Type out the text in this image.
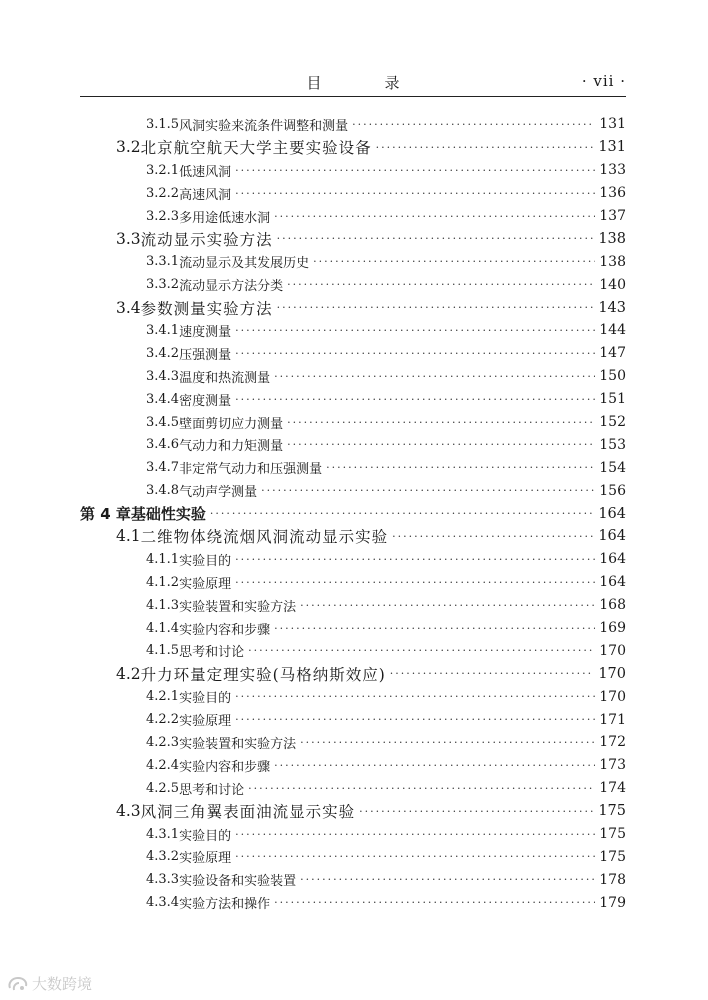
目　录	· vii ·
3.1.5 风洞实验来流条件调整和测量 ·····	131
3.2 北京航空航天大学主要实验设备 ·····	131
3.2.1 低速风洞 ·····	133
3.2.2 高速风洞 ·····	136
3.2.3 多用途低速水洞 ·····	137
3.3 流动显示实验方法 ·····	138
3.3.1 流动显示及其发展历史 ·····	138
3.3.2 流动显示方法分类 ·····	140
3.4 参数测量实验方法 ·····	143
3.4.1 速度测量 ·····	144
3.4.2 压强测量 ·····	147
3.4.3 温度和热流测量 ·····	150
3.4.4 密度测量 ·····	151
3.4.5 壁面剪切应力测量 ·····	152
3.4.6 气动力和力矩测量 ·····	153
3.4.7 非定常气动力和压强测量 ·····	154
3.4.8 气动声学测量 ·····	156
第 4 章 基础性实验 ·····	164
4.1 二维物体绕流烟风洞流动显示实验 ·····	164
4.1.1 实验目的 ·····	164
4.1.2 实验原理 ·····	164
4.1.3 实验装置和实验方法 ·····	168
4.1.4 实验内容和步骤 ·····	169
4.1.5 思考和讨论 ·····	170
4.2 升力环量定理实验(马格纳斯效应) ·····	170
4.2.1 实验目的 ·····	170
4.2.2 实验原理 ·····	171
4.2.3 实验装置和实验方法 ·····	172
4.2.4 实验内容和步骤 ·····	173
4.2.5 思考和讨论 ·····	174
4.3 风洞三角翼表面油流显示实验 ·····	175
4.3.1 实验目的 ·····	175
4.3.2 实验原理 ·····	175
4.3.3 实验设备和实验装置 ·····	178
4.3.4 实验方法和操作 ·····	179
大数跨境
